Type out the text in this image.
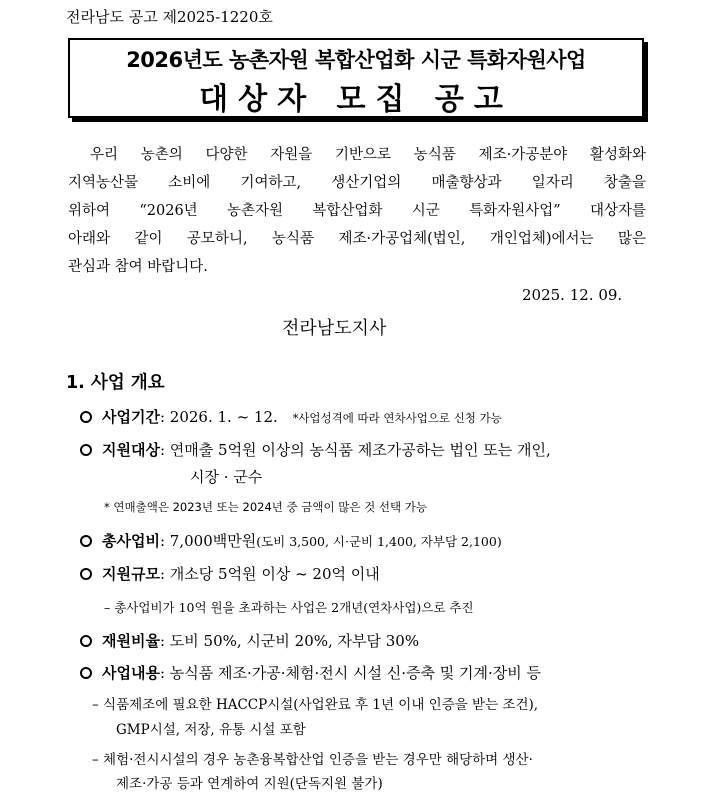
전라남도 공고 제2025-1220호
2026년도 농촌자원 복합산업화 시군 특화자원사업
대상자 모집 공고
우리 농촌의 다양한 자원을 기반으로 농식품 제조·가공분야 활성화와
지역농산물 소비에 기여하고, 생산기업의 매출향상과 일자리 창출을
위하여 “2026년 농촌자원 복합산업화 시군 특화자원사업” 대상자를
아래와 같이 공모하니, 농식품 제조·가공업체(법인, 개인업체)에서는 많은
관심과 참여 바랍니다.
2025. 12. 09.
전라남도지사
1. 사업 개요
사업기간: 2026. 1. ~ 12. *사업성격에 따라 연차사업으로 신청 가능
지원대상: 연매출 5억원 이상의 농식품 제조가공하는 법인 또는 개인,
시장 · 군수
* 연매출액은 2023년 또는 2024년 중 금액이 많은 것 선택 가능
총사업비: 7,000백만원(도비 3,500, 시·군비 1,400, 자부담 2,100)
지원규모: 개소당 5억원 이상 ~ 20억 이내
– 총사업비가 10억 원을 초과하는 사업은 2개년(연차사업)으로 추진
재원비율: 도비 50%, 시군비 20%, 자부담 30%
사업내용: 농식품 제조·가공·체험·전시 시설 신·증축 및 기계·장비 등
– 식품제조에 필요한 HACCP시설(사업완료 후 1년 이내 인증을 받는 조건),
GMP시설, 저장, 유통 시설 포함
– 체험·전시시설의 경우 농촌융복합산업 인증을 받는 경우만 해당하며 생산·
제조·가공 등과 연계하여 지원(단독지원 불가)
